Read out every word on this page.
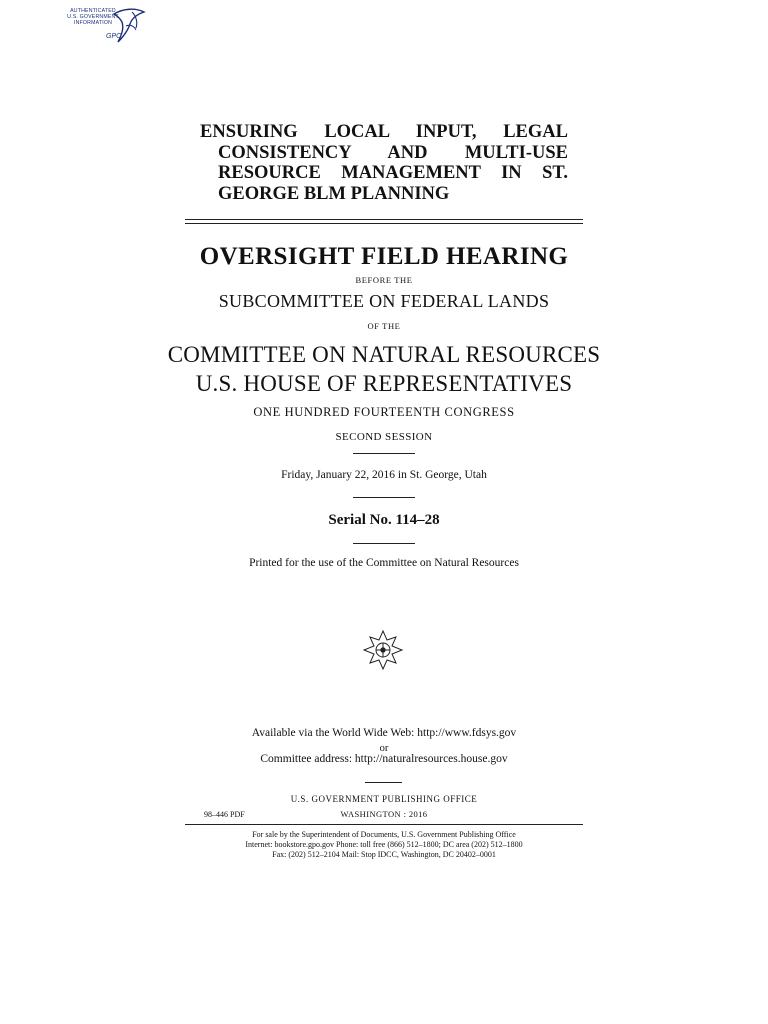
AUTHENTICATED
U.S. GOVERNMENT
INFORMATION
GPO
ENSURING LOCAL INPUT, LEGAL
CONSISTENCY AND MULTI-USE
RESOURCE MANAGEMENT IN ST.
GEORGE BLM PLANNING
OVERSIGHT FIELD HEARING
BEFORE THE
SUBCOMMITTEE ON FEDERAL LANDS
OF THE
COMMITTEE ON NATURAL RESOURCES
U.S. HOUSE OF REPRESENTATIVES
ONE HUNDRED FOURTEENTH CONGRESS
SECOND SESSION
Friday, January 22, 2016 in St. George, Utah
Serial No. 114–28
Printed for the use of the Committee on Natural Resources
Available via the World Wide Web: http://www.fdsys.gov
or
Committee address: http://naturalresources.house.gov
U.S. GOVERNMENT PUBLISHING OFFICE
98–446 PDF	WASHINGTON : 2016
For sale by the Superintendent of Documents, U.S. Government Publishing Office
Internet: bookstore.gpo.gov Phone: toll free (866) 512–1800; DC area (202) 512–1800
Fax: (202) 512–2104 Mail: Stop IDCC, Washington, DC 20402–0001
